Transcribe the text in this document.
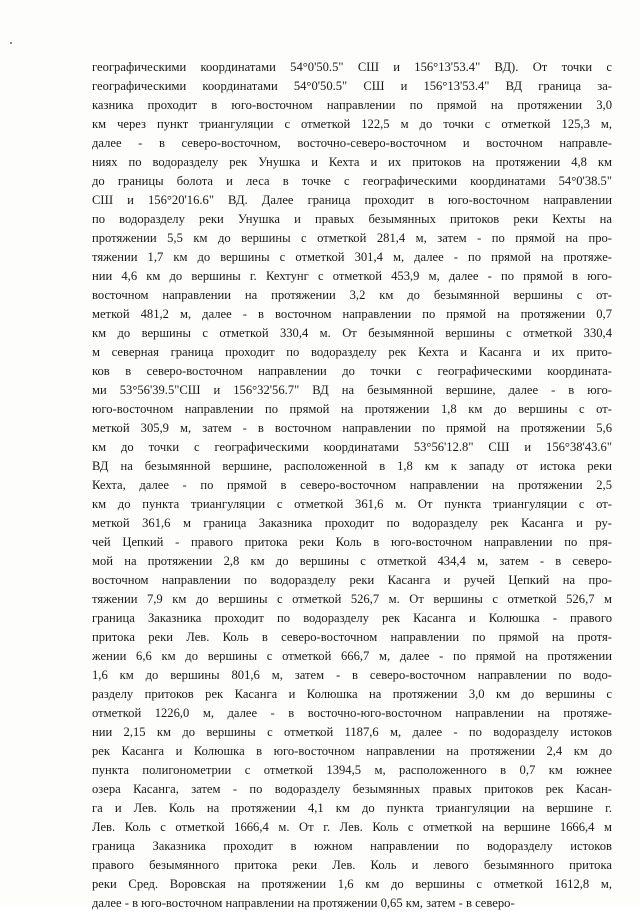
географическими координатами 54°0'50.5" СШ и 156°13'53.4" ВД). От точки с
географическими координатами 54°0'50.5" СШ и 156°13'53.4" ВД граница за-
казника проходит в юго-восточном направлении по прямой на протяжении 3,0
км через пункт триангуляции с отметкой 122,5 м до точки с отметкой 125,3 м,
далее - в северо-восточном, восточно-северо-восточном и восточном направле-
ниях по водоразделу рек Унушка и Кехта и их притоков на протяжении 4,8 км
до границы болота и леса в точке с географическими координатами 54°0'38.5"
СШ и 156°20'16.6" ВД. Далее граница проходит в юго-восточном направлении
по водоразделу реки Унушка и правых безымянных притоков реки Кехты на
протяжении 5,5 км до вершины с отметкой 281,4 м, затем - по прямой на про-
тяжении 1,7 км до вершины с отметкой 301,4 м, далее - по прямой на протяже-
нии 4,6 км до вершины г. Кехтунг с отметкой 453,9 м, далее - по прямой в юго-
восточном направлении на протяжении 3,2 км до безымянной вершины с от-
меткой 481,2 м, далее - в восточном направлении по прямой на протяжении 0,7
км до вершины с отметкой 330,4 м. От безымянной вершины с отметкой 330,4
м северная граница проходит по водоразделу рек Кехта и Касанга и их прито-
ков в северо-восточном направлении до точки с географическими координата-
ми 53°56'39.5"СШ и 156°32'56.7" ВД на безымянной вершине, далее - в юго-
юго-восточном направлении по прямой на протяжении 1,8 км до вершины с от-
меткой 305,9 м, затем - в восточном направлении по прямой на протяжении 5,6
км до точки с географическими координатами 53°56'12.8" СШ и 156°38'43.6"
ВД на безымянной вершине, расположенной в 1,8 км к западу от истока реки
Кехта, далее - по прямой в северо-восточном направлении на протяжении 2,5
км до пункта триангуляции с отметкой 361,6 м. От пункта триангуляции с от-
меткой 361,6 м граница Заказника проходит по водоразделу рек Касанга и ру-
чей Цепкий - правого притока реки Коль в юго-восточном направлении по пря-
мой на протяжении 2,8 км до вершины с отметкой 434,4 м, затем - в северо-
восточном направлении по водоразделу реки Касанга и ручей Цепкий на про-
тяжении 7,9 км до вершины с отметкой 526,7 м. От вершины с отметкой 526,7 м
граница Заказника проходит по водоразделу рек Касанга и Колюшка - правого
притока реки Лев. Коль в северо-восточном направлении по прямой на протя-
жении 6,6 км до вершины с отметкой 666,7 м, далее - по прямой на протяжении
1,6 км до вершины 801,6 м, затем - в северо-восточном направлении по водо-
разделу притоков рек Касанга и Колюшка на протяжении 3,0 км до вершины с
отметкой 1226,0 м, далее - в восточно-юго-восточном направлении на протяже-
нии 2,15 км до вершины с отметкой 1187,6 м, далее - по водоразделу истоков
рек Касанга и Колюшка в юго-восточном направлении на протяжении 2,4 км до
пункта полигонометрии с отметкой 1394,5 м, расположенного в 0,7 км южнее
озера Касанга, затем - по водоразделу безымянных правых притоков рек Касан-
га и Лев. Коль на протяжении 4,1 км до пункта триангуляции на вершине г.
Лев. Коль с отметкой 1666,4 м. От г. Лев. Коль с отметкой на вершине 1666,4 м
граница Заказника проходит в южном направлении по водоразделу истоков
правого безымянного притока реки Лев. Коль и левого безымянного притока
реки Сред. Воровская на протяжении 1,6 км до вершины с отметкой 1612,8 м,
далее - в юго-восточном направлении на протяжении 0,65 км, затем - в северо-
